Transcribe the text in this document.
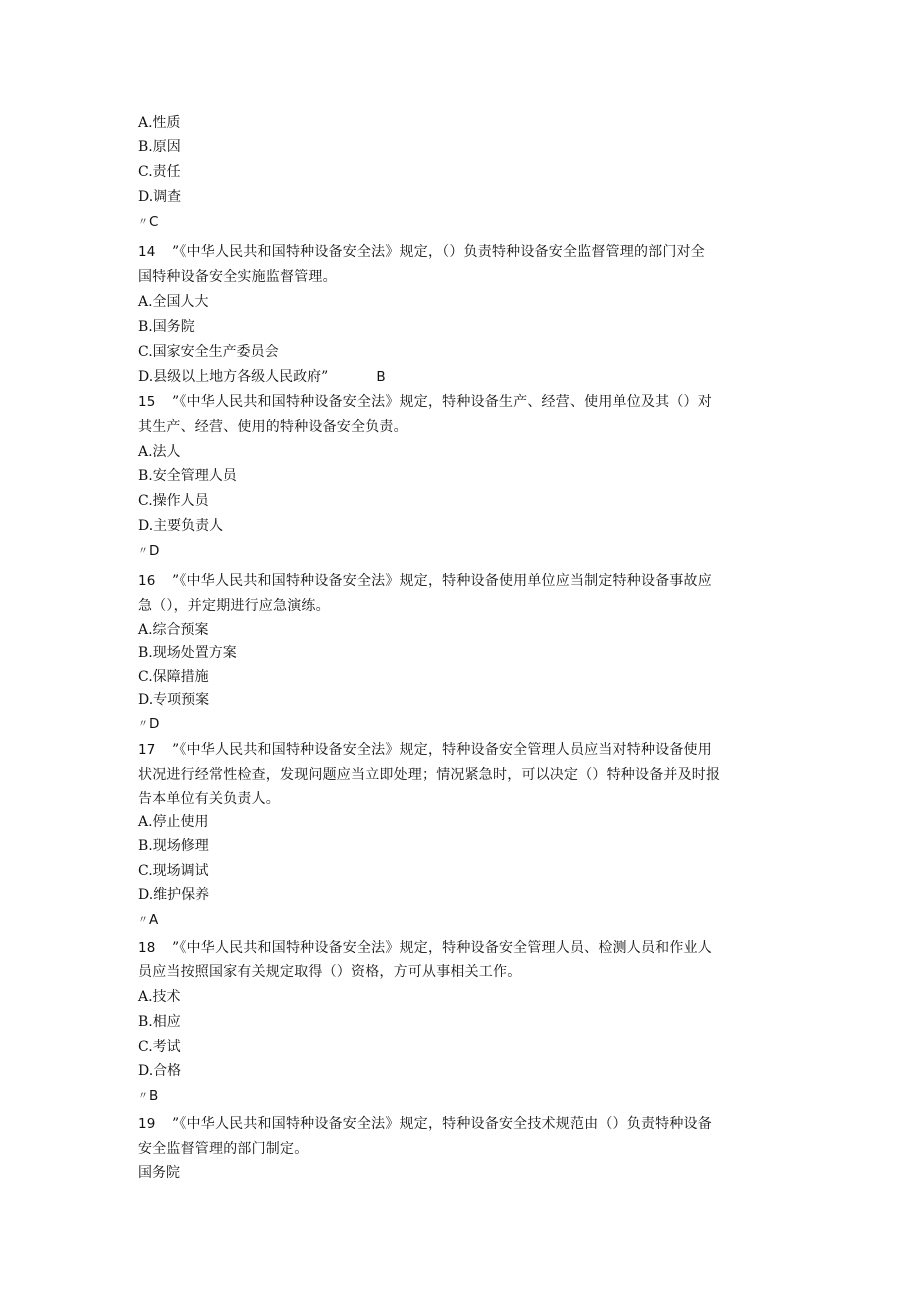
A.性质
B.原因
C.责任
D.调查
〃C
14 ”《中华人民共和国特种设备安全法》规定，（）负责特种设备安全监督管理的部门对全
国特种设备安全实施监督管理。
A.全国人大
B.国务院
C.国家安全生产委员会
D.县级以上地方各级人民政府”	B
15 ”《中华人民共和国特种设备安全法》规定，特种设备生产、经营、使用单位及其（）对
其生产、经营、使用的特种设备安全负责。
A.法人
B.安全管理人员
C.操作人员
D.主要负责人
〃D
16 ”《中华人民共和国特种设备安全法》规定，特种设备使用单位应当制定特种设备事故应
急（），并定期进行应急演练。
A.综合预案
B.现场处置方案
C.保障措施
D.专项预案
〃D
17 ”《中华人民共和国特种设备安全法》规定，特种设备安全管理人员应当对特种设备使用
状况进行经常性检查，发现问题应当立即处理；情况紧急时，可以决定（）特种设备并及时报
告本单位有关负责人。
A.停止使用
B.现场修理
C.现场调试
D.维护保养
〃A
18 ”《中华人民共和国特种设备安全法》规定，特种设备安全管理人员、检测人员和作业人
员应当按照国家有关规定取得（）资格，方可从事相关工作。
A.技术
B.相应
C.考试
D.合格
〃B
19 ”《中华人民共和国特种设备安全法》规定，特种设备安全技术规范由（）负责特种设备
安全监督管理的部门制定。
国务院
